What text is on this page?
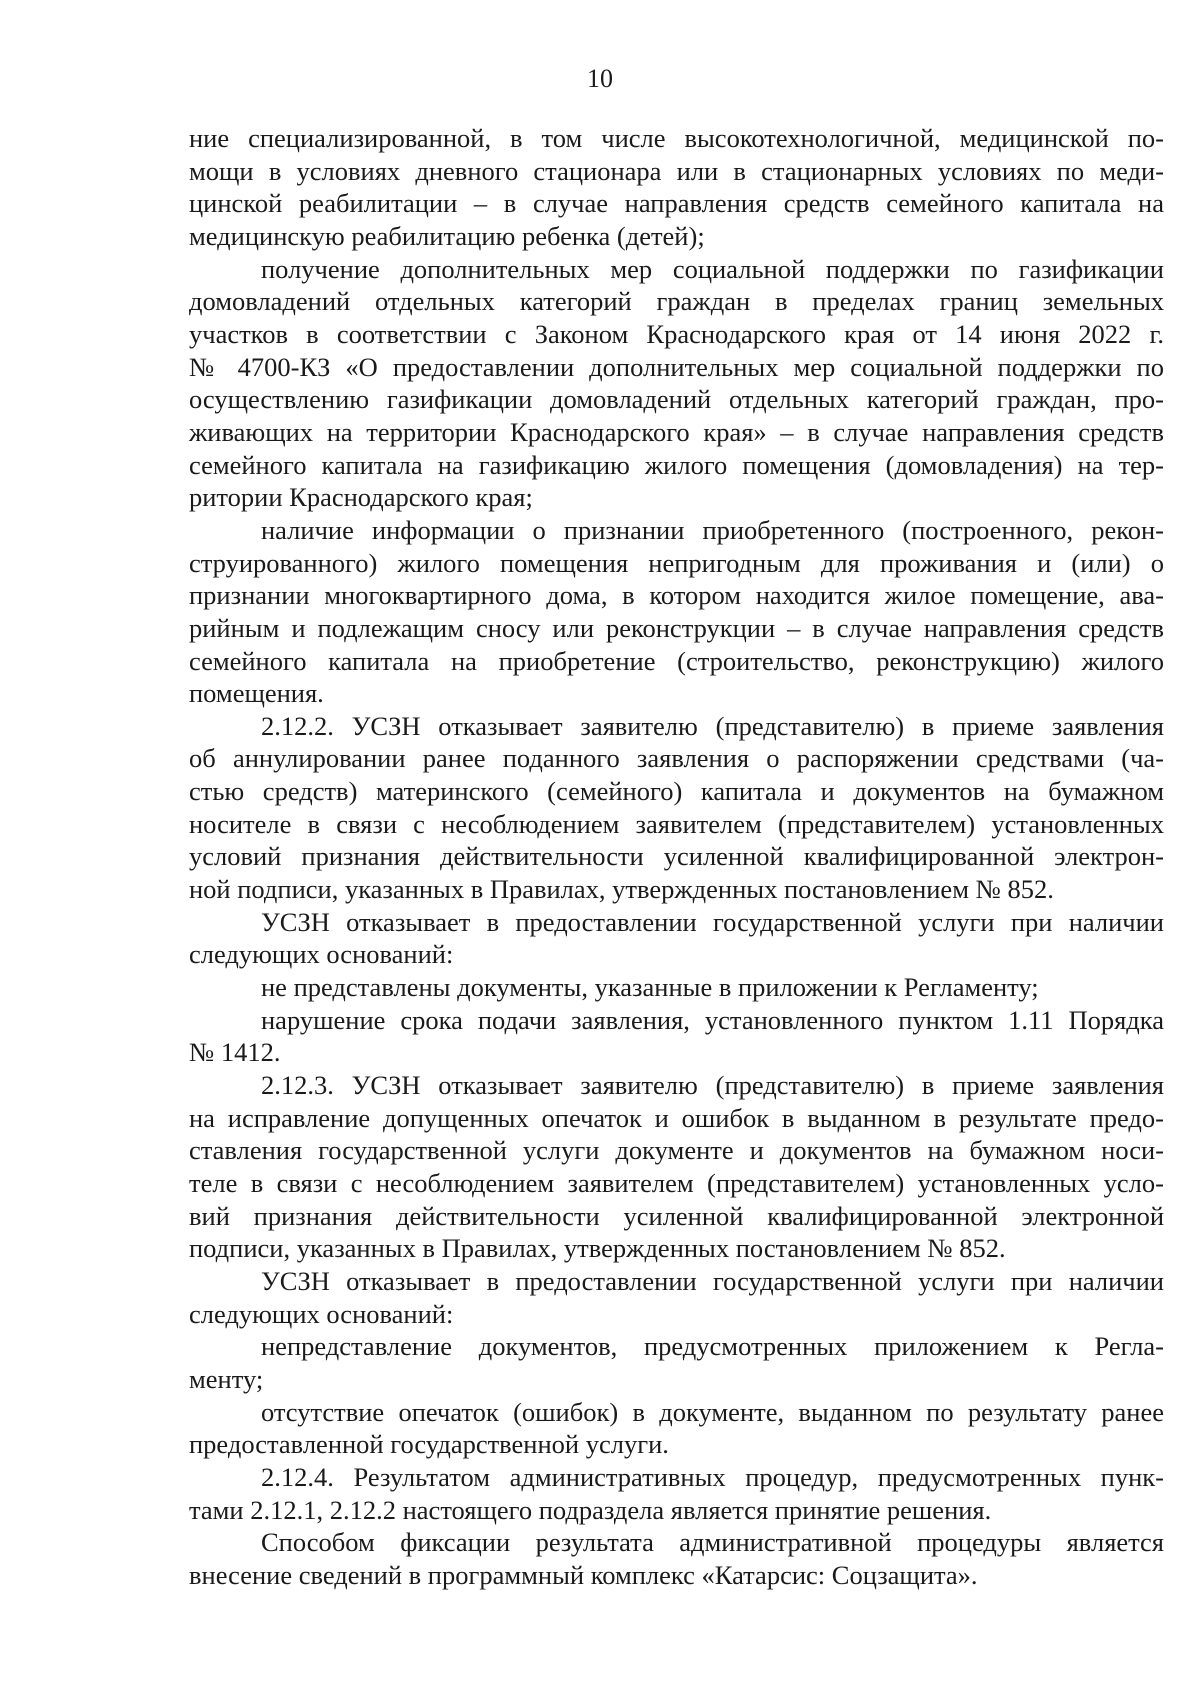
10
ние специализированной, в том числе высокотехнологичной, медицинской по-
мощи в условиях дневного стационара или в стационарных условиях по меди-
цинской реабилитации – в случае направления средств семейного капитала на
медицинскую реабилитацию ребенка (детей);
получение дополнительных мер социальной поддержки по газификации
домовладений отдельных категорий граждан в пределах границ земельных
участков в соответствии с Законом Краснодарского края от 14 июня 2022 г.
№ 4700-КЗ «О предоставлении дополнительных мер социальной поддержки по
осуществлению газификации домовладений отдельных категорий граждан, про-
живающих на территории Краснодарского края» – в случае направления средств
семейного капитала на газификацию жилого помещения (домовладения) на тер-
ритории Краснодарского края;
наличие информации о признании приобретенного (построенного, рекон-
струированного) жилого помещения непригодным для проживания и (или) о
признании многоквартирного дома, в котором находится жилое помещение, ава-
рийным и подлежащим сносу или реконструкции – в случае направления средств
семейного капитала на приобретение (строительство, реконструкцию) жилого
помещения.
2.12.2. УСЗН отказывает заявителю (представителю) в приеме заявления
об аннулировании ранее поданного заявления о распоряжении средствами (ча-
стью средств) материнского (семейного) капитала и документов на бумажном
носителе в связи с несоблюдением заявителем (представителем) установленных
условий признания действительности усиленной квалифицированной электрон-
ной подписи, указанных в Правилах, утвержденных постановлением № 852.
УСЗН отказывает в предоставлении государственной услуги при наличии
следующих оснований:
не представлены документы, указанные в приложении к Регламенту;
нарушение срока подачи заявления, установленного пунктом 1.11 Порядка
№ 1412.
2.12.3. УСЗН отказывает заявителю (представителю) в приеме заявления
на исправление допущенных опечаток и ошибок в выданном в результате предо-
ставления государственной услуги документе и документов на бумажном носи-
теле в связи с несоблюдением заявителем (представителем) установленных усло-
вий признания действительности усиленной квалифицированной электронной
подписи, указанных в Правилах, утвержденных постановлением № 852.
УСЗН отказывает в предоставлении государственной услуги при наличии
следующих оснований:
непредставление документов, предусмотренных приложением к Регла-
менту;
отсутствие опечаток (ошибок) в документе, выданном по результату ранее
предоставленной государственной услуги.
2.12.4. Результатом административных процедур, предусмотренных пунк-
тами 2.12.1, 2.12.2 настоящего подраздела является принятие решения.
Способом фиксации результата административной процедуры является
внесение сведений в программный комплекс «Катарсис: Соцзащита».
